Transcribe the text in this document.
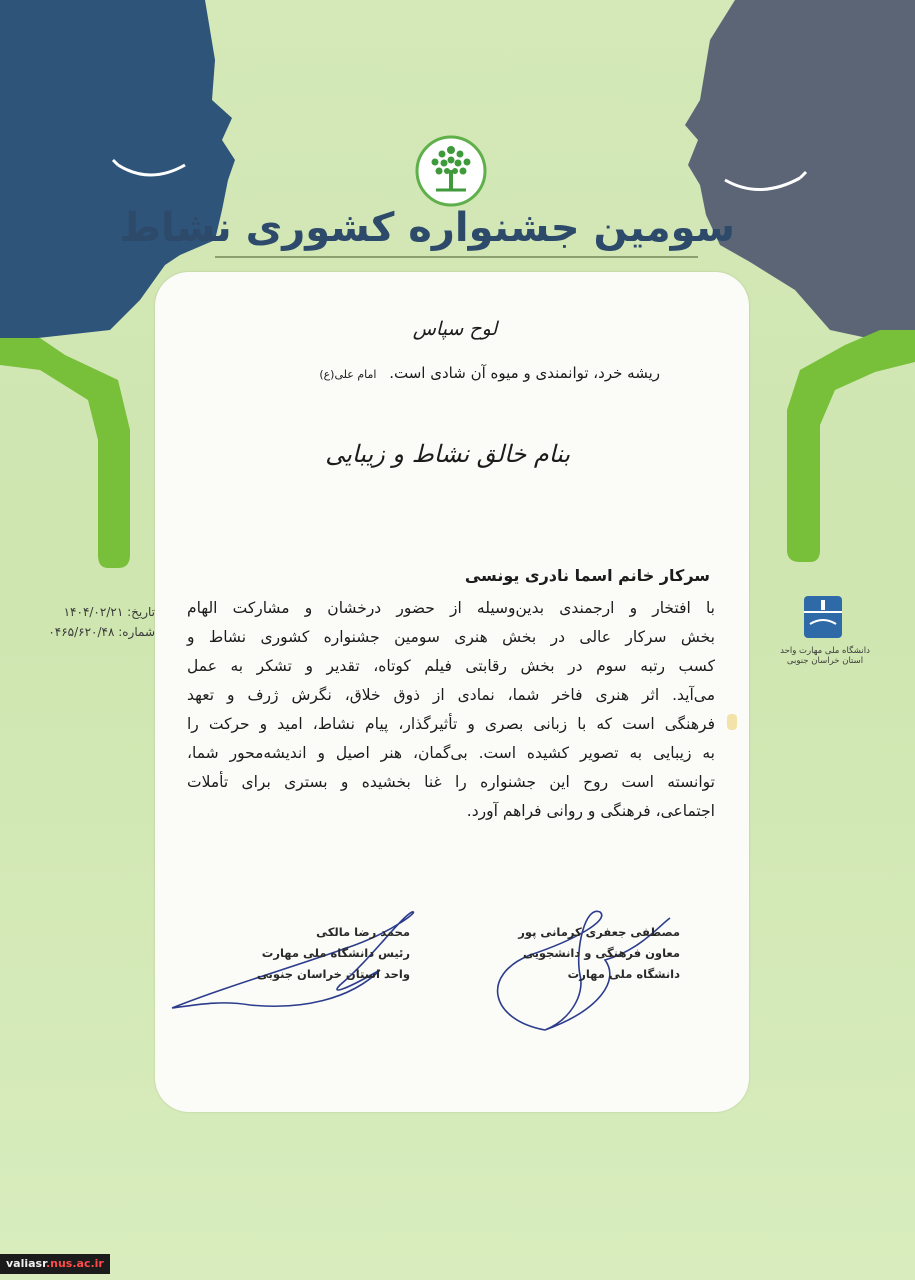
سومین جشنواره کشوری نشاط
دانشگاه ملی مهارت واحد استان خراسان جنوبی
تاریخ: ۱۴۰۴/۰۲/۲۱
شماره: ۰۴۶۵/۶۲۰/۴۸
لوح سپاس
ریشه خرد، توانمندی و میوه آن شادی است. امام علی(ع)
بنام خالق نشاط و زیبایی
سرکار خانم اسما نادری یونسی
با افتخار و ارجمندی بدین‌وسیله از حضور درخشان و مشارکت الهام
بخش سرکار عالی در بخش هنری سومین جشنواره کشوری نشاط و
کسب رتبه سوم در بخش رقابتی فیلم کوتاه، تقدیر و تشکر به عمل
می‌آید. اثر هنری فاخر شما، نمادی از ذوق خلاق، نگرش ژرف و تعهد
فرهنگی است که با زبانی بصری و تأثیرگذار، پیام نشاط، امید و حرکت را
به زیبایی به تصویر کشیده است. بی‌گمان، هنر اصیل و اندیشه‌محور شما،
توانسته است روح این جشنواره را غنا بخشیده و بستری برای تأملات
اجتماعی، فرهنگی و روانی فراهم آورد.
محمد رضا مالکی
رئیس دانشگاه ملی مهارت
واحد استان خراسان جنوبی
مصطفی جعفری کرمانی پور
معاون فرهنگی و دانشجویی
دانشگاه ملی مهارت
valiasr.nus.ac.ir
